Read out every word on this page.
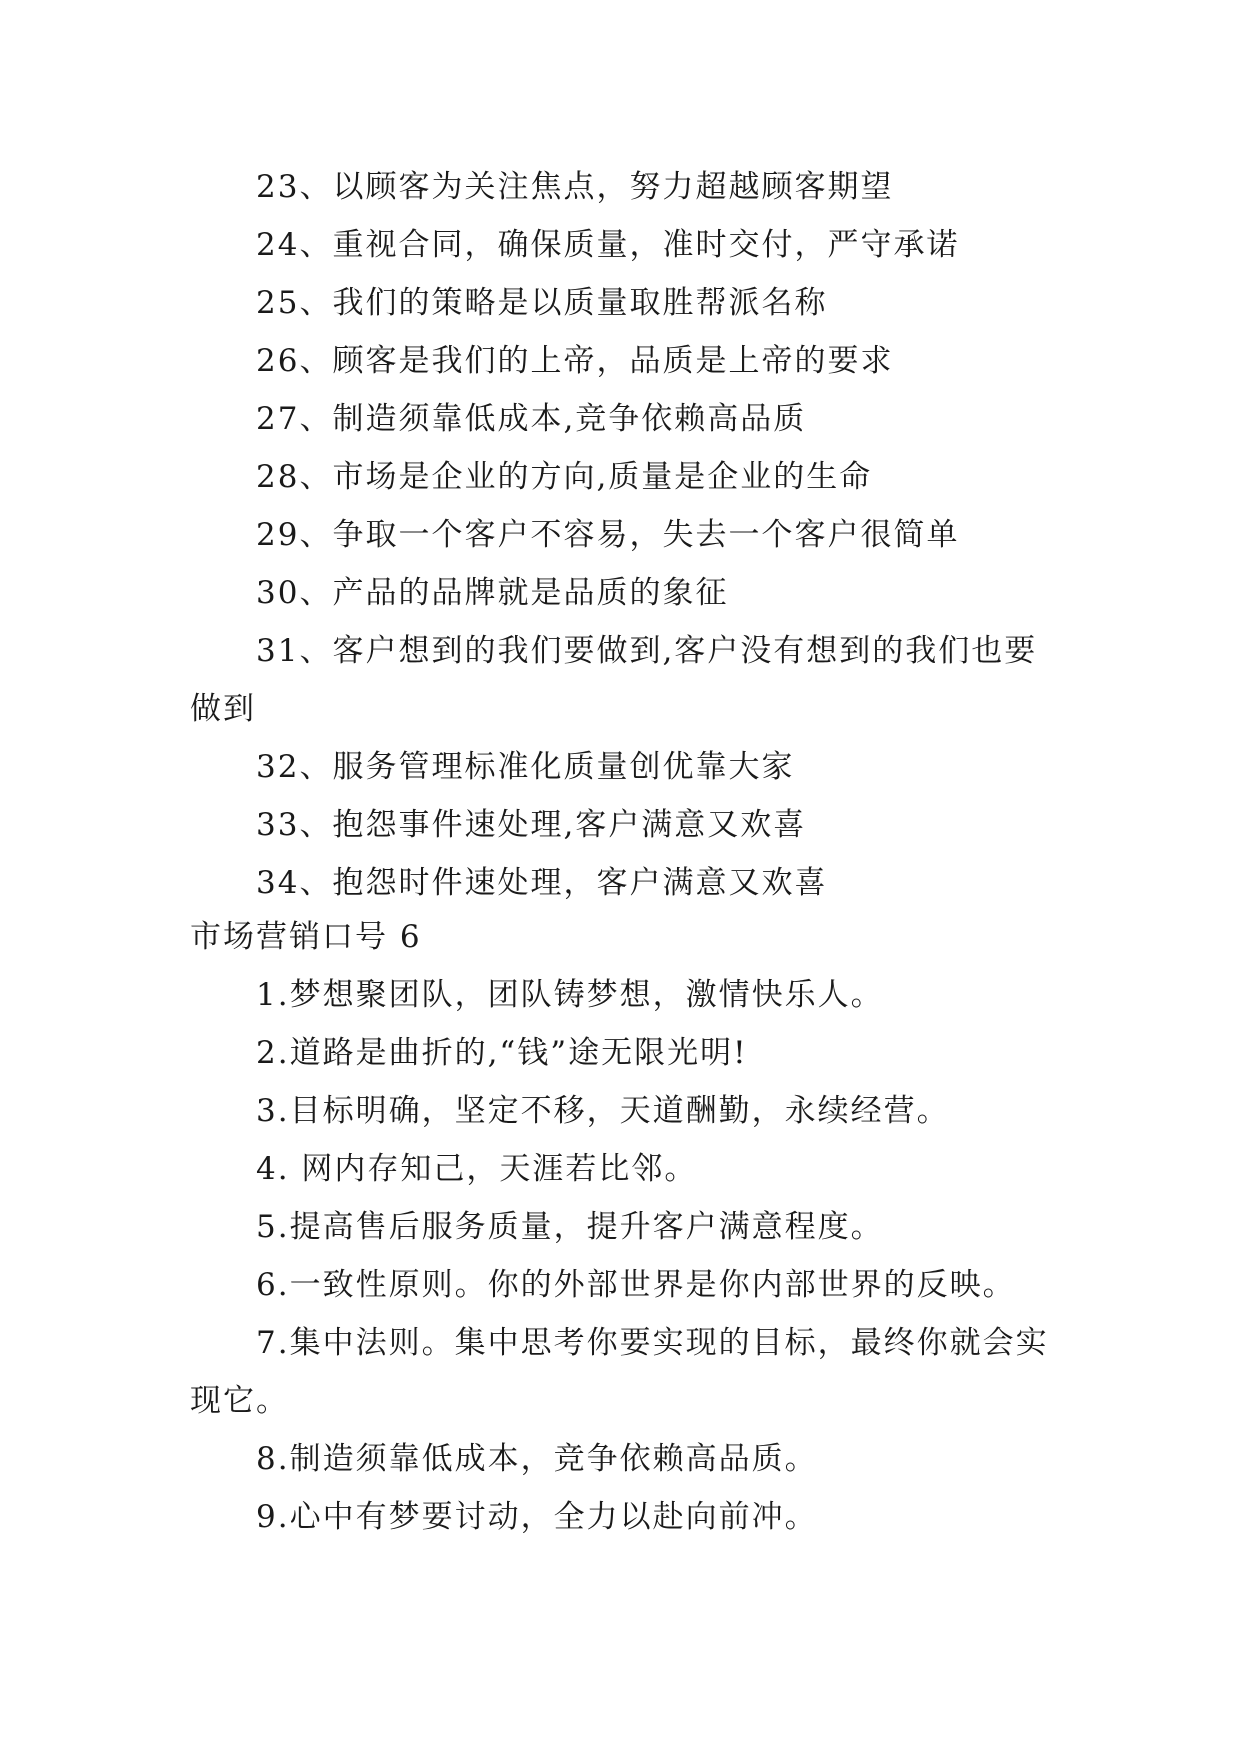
23、以顾客为关注焦点，努力超越顾客期望
24、重视合同，确保质量，准时交付，严守承诺
25、我们的策略是以质量取胜帮派名称
26、顾客是我们的上帝，品质是上帝的要求
27、制造须靠低成本,竞争依赖高品质
28、市场是企业的方向,质量是企业的生命
29、争取一个客户不容易，失去一个客户很简单
30、产品的品牌就是品质的象征
31、客户想到的我们要做到,客户没有想到的我们也要
做到
32、服务管理标准化质量创优靠大家
33、抱怨事件速处理,客户满意又欢喜
34、抱怨时件速处理，客户满意又欢喜
市场营销口号 6
1.梦想聚团队，团队铸梦想，激情快乐人。
2.道路是曲折的,“钱”途无限光明!
3.目标明确，坚定不移，天道酬勤，永续经营。
4. 网内存知己，天涯若比邻。
5.提高售后服务质量，提升客户满意程度。
6.一致性原则。你的外部世界是你内部世界的反映。
7.集中法则。集中思考你要实现的目标，最终你就会实
现它。
8.制造须靠低成本，竞争依赖高品质。
9.心中有梦要讨动，全力以赴向前冲。
